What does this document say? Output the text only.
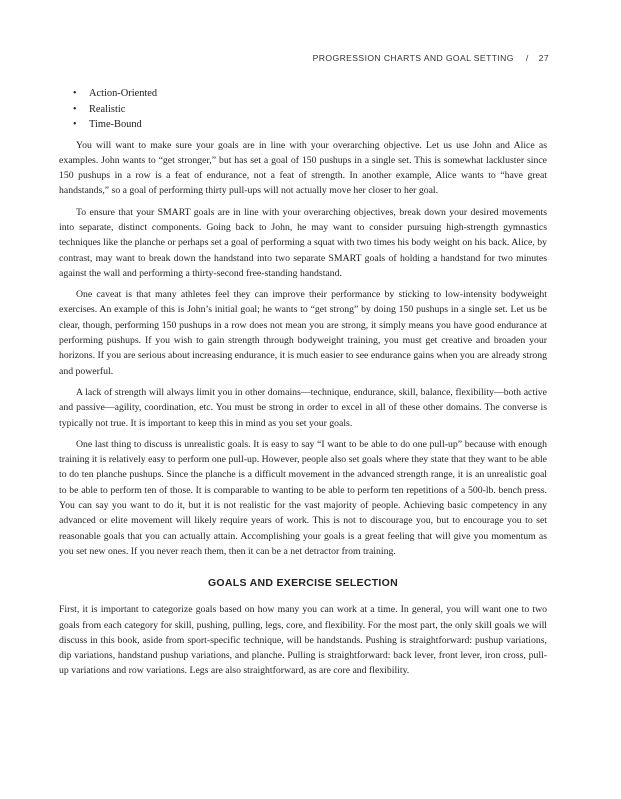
PROGRESSION CHARTS AND GOAL SETTING / 27
• Action-Oriented
• Realistic
• Time-Bound

You will want to make sure your goals are in line with your overarching objective. Let us use John and Alice as examples. John wants to “get stronger,” but has set a goal of 150 pushups in a single set. This is somewhat lackluster since 150 pushups in a row is a feat of endurance, not a feat of strength. In another example, Alice wants to “have great handstands,” so a goal of performing thirty pull-ups will not actually move her closer to her goal.

To ensure that your SMART goals are in line with your overarching objectives, break down your desired movements into separate, distinct components. Going back to John, he may want to consider pursuing high-strength gymnastics techniques like the planche or perhaps set a goal of performing a squat with two times his body weight on his back. Alice, by contrast, may want to break down the handstand into two separate SMART goals of holding a handstand for two minutes against the wall and performing a thirty-second free-standing handstand.

One caveat is that many athletes feel they can improve their performance by sticking to low-intensity bodyweight exercises. An example of this is John’s initial goal; he wants to “get strong” by doing 150 pushups in a single set. Let us be clear, though, performing 150 pushups in a row does not mean you are strong, it simply means you have good endurance at performing pushups. If you wish to gain strength through bodyweight training, you must get creative and broaden your horizons. If you are serious about increasing endurance, it is much easier to see endurance gains when you are already strong and powerful.

A lack of strength will always limit you in other domains—technique, endurance, skill, balance, flexibility—both active and passive—agility, coordination, etc. You must be strong in order to excel in all of these other domains. The converse is typically not true. It is important to keep this in mind as you set your goals.

One last thing to discuss is unrealistic goals. It is easy to say “I want to be able to do one pull-up” because with enough training it is relatively easy to perform one pull-up. However, people also set goals where they state that they want to be able to do ten planche pushups. Since the planche is a difficult movement in the advanced strength range, it is an unrealistic goal to be able to perform ten of those. It is comparable to wanting to be able to perform ten repetitions of a 500-lb. bench press. You can say you want to do it, but it is not realistic for the vast majority of people. Achieving basic competency in any advanced or elite movement will likely require years of work. This is not to discourage you, but to encourage you to set reasonable goals that you can actually attain. Accomplishing your goals is a great feeling that will give you momentum as you set new ones. If you never reach them, then it can be a net detractor from training.

GOALS AND EXERCISE SELECTION

First, it is important to categorize goals based on how many you can work at a time. In general, you will want one to two goals from each category for skill, pushing, pulling, legs, core, and flexibility. For the most part, the only skill goals we will discuss in this book, aside from sport-specific technique, will be handstands. Pushing is straightforward: pushup variations, dip variations, handstand pushup variations, and planche. Pulling is straightforward: back lever, front lever, iron cross, pull-up variations and row variations. Legs are also straightforward, as are core and flexibility.
